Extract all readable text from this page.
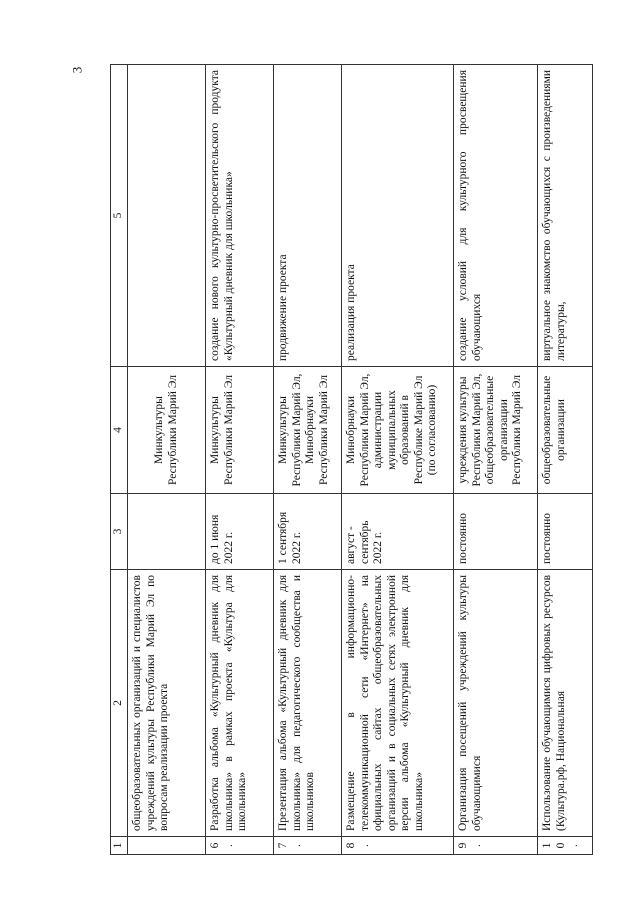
3
1	2	3	4	5
	общеобразовательных организаций и специалистов учреждений культуры Республики Марий Эл по вопросам реализации проекта		Минкультуры Республики Марий Эл	
6.	Разработка альбома «Культурный дневник для школьника» в рамках проекта «Культура для школьника»	до 1 июня 2022 г.	Минкультуры Республики Марий Эл	создание нового культурно-просветительского продукта «Культурный дневник для школьника»
7.	Презентация альбома «Культурный дневник для школьника» для педагогического сообщества и школьников	1 сентября 2022 г.	Минкультуры Республики Марий Эл, Минобрнауки Республики Марий Эл	продвижение проекта
8.	Размещение в информационно-телекоммуникационной сети «Интернет» на официальных сайтах общеобразовательных организаций и в социальных сетях электронной версии альбома «Культурный дневник для школьника»	август - сентябрь 2022 г.	Минобрнауки Республики Марий Эл, администрации муниципальных образований в Республике Марий Эл (по согласованию)	реализация проекта
9.	Организация посещений учреждений культуры обучающимися	постоянно	учреждения культуры Республики Марий Эл, общеобразовательные организации Республики Марий Эл	создание условий для культурного просвещения обучающихся
10.	Использование обучающимися цифровых ресурсов (Культура.рф, Национальная	постоянно	общеобразовательные организации	виртуальное знакомство обучающихся с произведениями литературы,
